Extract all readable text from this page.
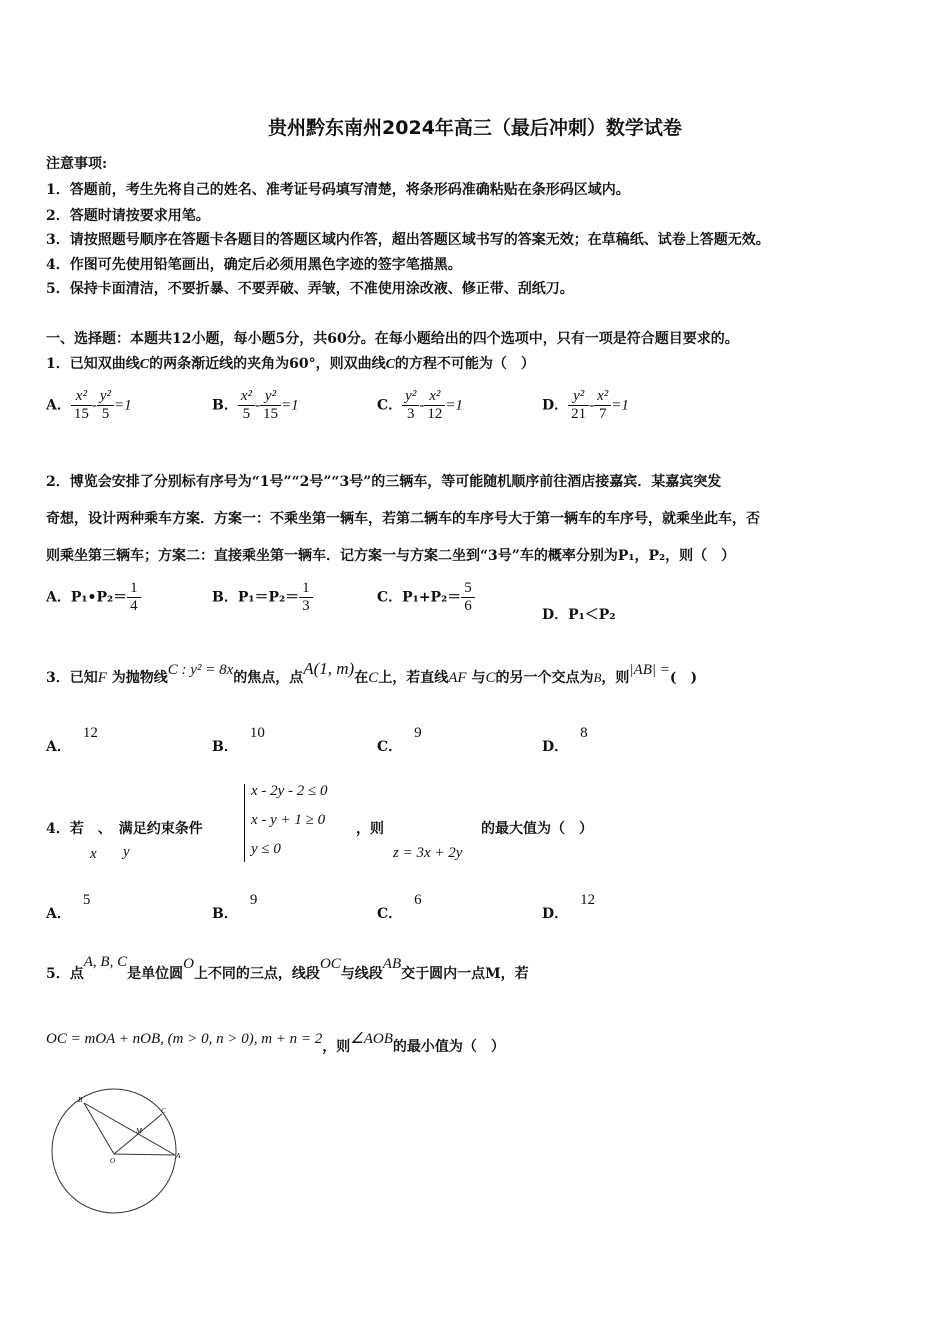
贵州黔东南州2024年高三（最后冲刺）数学试卷
注意事项:
1．答题前，考生先将自己的姓名、准考证号码填写清楚，将条形码准确粘贴在条形码区域内。
2．答题时请按要求用笔。
3．请按照题号顺序在答题卡各题目的答题区域内作答，超出答题区域书写的答案无效；在草稿纸、试卷上答题无效。
4．作图可先使用铅笔画出，确定后必须用黑色字迹的签字笔描黑。
5．保持卡面清洁，不要折暴、不要弄破、弄皱，不准使用涂改液、修正带、刮纸刀。
一、选择题：本题共12小题，每小题5分，共60分。在每小题给出的四个选项中，只有一项是符合题目要求的。
1．已知双曲线C的两条渐近线的夹角为60°，则双曲线C的方程不可能为（　）
A． $\frac{\text{x²}}{15} - \frac{\text{y²}}{5} =1$	B． $\frac{\text{x²}}{5} - \frac{\text{y²}}{15} =1$	C． $\frac{\text{y²}}{3} - \frac{\text{x²}}{12} =1$	D． $\frac{\text{y²}}{21} - \frac{\text{x²}}{7} =1$
2．博览会安排了分别标有序号为“1号”“2号”“3号”的三辆车，等可能随机顺序前往酒店接嘉宾．某嘉宾突发
奇想，设计两种乘车方案．方案一：不乘坐第一辆车，若第二辆车的车序号大于第一辆车的车序号，就乘坐此车，否
则乘坐第三辆车；方案二：直接乘坐第一辆车．记方案一与方案二坐到“3号”车的概率分别为P₁，P₂，则（　）
A．P₁•P₂＝ $\frac{1}{4}$	B．$P_1=P_2= \frac{1}{3}$	C．$P_1+P_2= \frac{5}{6}$	D．P₁＜P₂
3．已知F 为抛物线C : y² = 8x的焦点，点A(1, m)在C上，若直线AF 与C的另一个交点为B，则|AB| =(　)
A．12
B．10
C．9
D．8
4．若　、　满足约束条件
x y
x - 2y - 2 ≤ 0
x - y + 1 ≥ 0
y ≤ 0
，则
z = 3x + 2y
的最大值为（　）
A．5
B．9
C．6
D．12
5．点A, B, C是单位圆O上不同的三点，线段OC与线段AB交于圆内一点M，若
OC = mOA + nOB, (m > 0, n > 0), m + n = 2，则∠AOB的最小值为（　）
B
C
M
O
A
